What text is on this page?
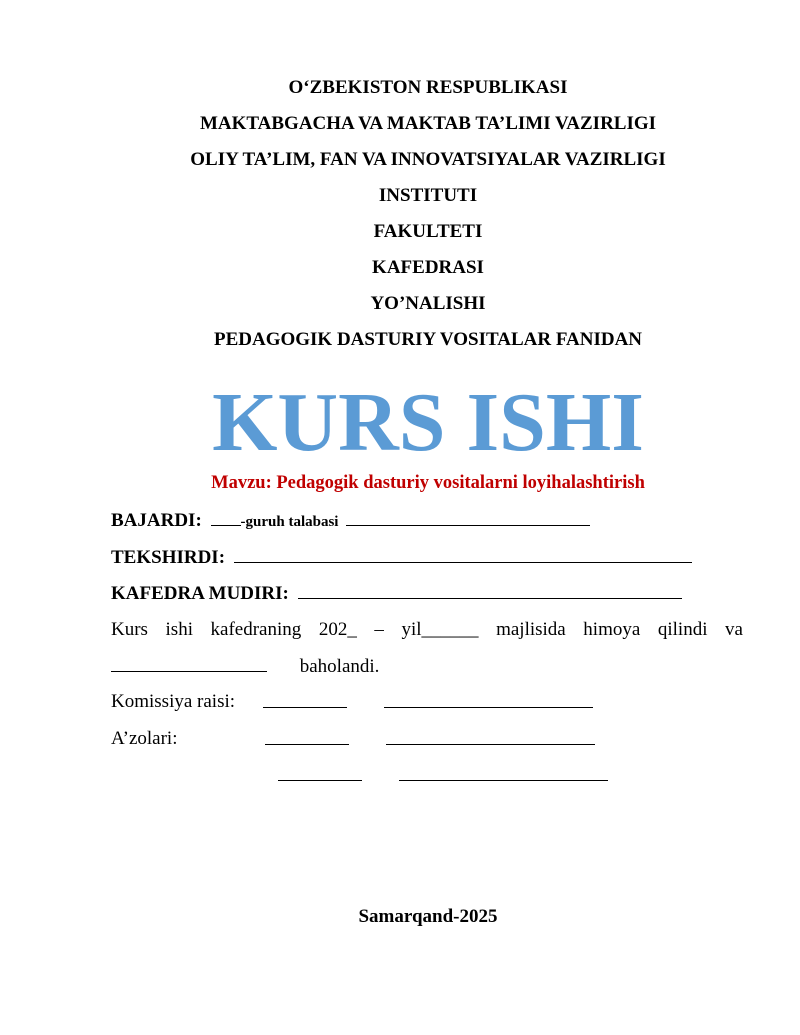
O‘ZBEKISTON RESPUBLIKASI
MAKTABGACHA VA MAKTAB TA’LIMI VAZIRLIGI
OLIY TA’LIM, FAN VA INNOVATSIYALAR VAZIRLIGI
INSTITUTI
FAKULTETI
KAFEDRASI
YO’NALISHI
PEDAGOGIK DASTURIY VOSITALAR FANIDAN
KURS ISHI
Mavzu: Pedagogik dasturiy vositalarni loyihalashtirish
BAJARDI:	-guruh talabasi
TEKSHIRDI:
KAFEDRA MUDIRI:
Kurs ishi kafedraning 202_ – yil______ majlisida himoya qilindi va
baholandi.
Komissiya raisi:
A’zolari:
Samarqand-2025
